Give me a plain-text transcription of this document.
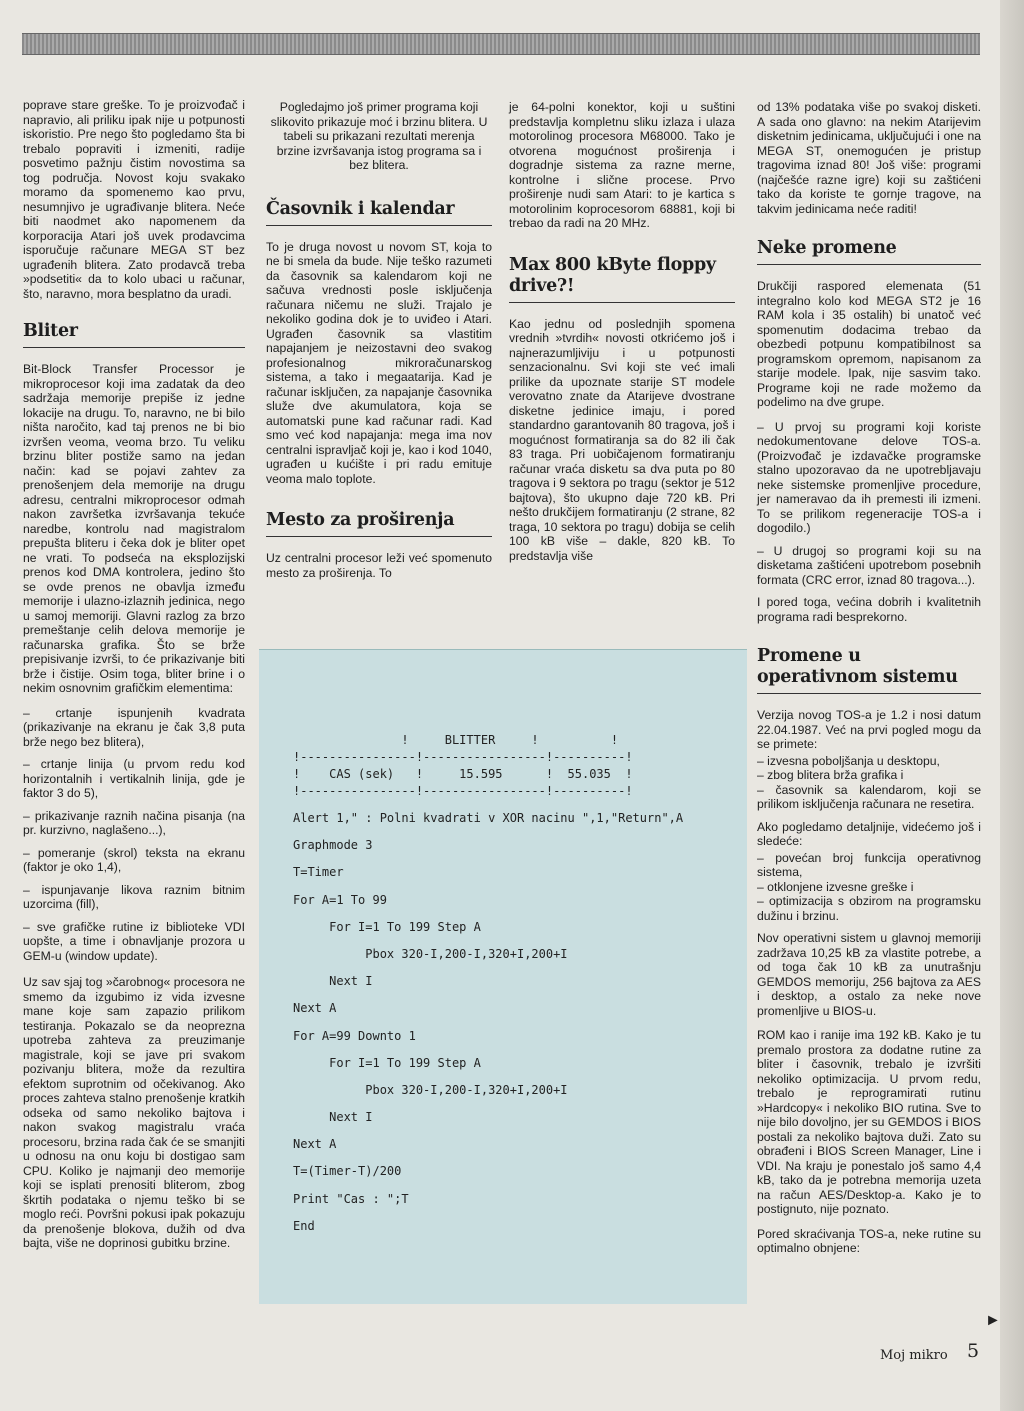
poprave stare greške. To je proizvođač i napravio, ali priliku ipak nije u potpunosti iskoristio. Pre nego što pogledamo šta bi trebalo popraviti i izmeniti, radije posvetimo pažnju čistim novostima sa tog područja. Novost koju svakako moramo da spomenemo kao prvu, nesumnjivo je ugrađivanje blitera. Neće biti naodmet ako napomenem da korporacija Atari još uvek prodavcima isporučuje računare MEGA ST bez ugrađenih blitera. Zato prodavcă treba »podsetiti« da to kolo ubaci u računar, što, naravno, mora besplatno da uradi.

Bliter

Bit-Block Transfer Processor je mikroprocesor koji ima zadatak da deo sadržaja memorije prepiše iz jedne lokacije na drugu. To, naravno, ne bi bilo ništa naročito, kad taj prenos ne bi bio izvršen veoma, veoma brzo. Tu veliku brzinu bliter postiže samo na jedan način: kad se pojavi zahtev za prenošenjem dela memorije na drugu adresu, centralni mikroprocesor odmah nakon završetka izvršavanja tekuće naredbe, kontrolu nad magistralom prepušta bliteru i čeka dok je bliter opet ne vrati. To podseća na eksplozijski prenos kod DMA kontrolera, jedino što se ovde prenos ne obavlja između memorije i ulazno-izlaznih jedinica, nego u samoj memoriji. Glavni razlog za brzo premeštanje celih delova memorije je računarska grafika. Što se brže prepisivanje izvrši, to će prikazivanje biti brže i čistije. Osim toga, bliter brine i o nekim osnovnim grafičkim elementima:

– crtanje ispunjenih kvadrata (prikazivanje na ekranu je čak 3,8 puta brže nego bez blitera),
– crtanje linija (u prvom redu kod horizontalnih i vertikalnih linija, gde je faktor 3 do 5),
– prikazivanje raznih načina pisanja (na pr. kurzivno, naglašeno...),
– pomeranje (skrol) teksta na ekranu (faktor je oko 1,4),
– ispunjavanje likova raznim bitnim uzorcima (fill),
– sve grafičke rutine iz biblioteke VDI uopšte, a time i obnavljanje prozora u GEM-u (window update).

Uz sav sjaj tog »čarobnog« procesora ne smemo da izgubimo iz vida izvesne mane koje sam zapazio prilikom testiranja. Pokazalo se da neoprezna upotreba zahteva za preuzimanje magistrale, koji se jave pri svakom pozivanju blitera, može da rezultira efektom suprotnim od očekivanog. Ako proces zahteva stalno prenošenje kratkih odseka od samo nekoliko bajtova i nakon svakog magistralu vraća procesoru, brzina rada čak će se smanjiti u odnosu na onu koju bi dostigao sam CPU. Koliko je najmanji deo memorije koji se isplati prenositi bliterom, zbog škrtih podataka o njemu teško bi se moglo reći. Površni pokusi ipak pokazuju da prenošenje blokova, dužih od dva bajta, više ne doprinosi gubitku brzine.

Pogledajmo još primer programa koji slikovito prikazuje moć i brzinu blitera. U tabeli su prikazani rezultati merenja brzine izvršavanja istog programa sa i bez blitera.

Časovnik i kalendar

To je druga novost u novom ST, koja to ne bi smela da bude. Nije teško razumeti da časovnik sa kalendarom koji ne sačuva vrednosti posle isključenja računara ničemu ne služi. Trajalo je nekoliko godina dok je to uviđeo i Atari. Ugrađen časovnik sa vlastitim napajanjem je neizostavni deo svakog profesionalnog mikroračunarskog sistema, a tako i megaatarija. Kad je računar isključen, za napajanje časovnika služe dve akumulatora, koja se automatski pune kad računar radi. Kad smo već kod napajanja: mega ima nov centralni ispravljač koji je, kao i kod 1040, ugrađen u kućište i pri radu emituje veoma malo toplote.

Mesto za proširenja

Uz centralni procesor leži već spomenuto mesto za proširenja. To

je 64-polni konektor, koji u suštini predstavlja kompletnu sliku izlaza i ulaza motorolinog procesora M68000. Tako je otvorena mogućnost proširenja i dogradnje sistema za razne merne, kontrolne i slične procese. Prvo proširenje nudi sam Atari: to je kartica s motorolinim koprocesorom 68881, koji bi trebao da radi na 20 MHz.

Max 800 kByte floppy drive?!

Kao jednu od poslednjih spomena vrednih »tvrdih« novosti otkrićemo još i najnerazumljiviju i u potpunosti senzacionalnu. Svi koji ste već imali prilike da upoznate starije ST modele verovatno znate da Atarijeve dvostrane disketne jedinice imaju, i pored standardno garantovanih 80 tragova, još i mogućnost formatiranja sa do 82 ili čak 83 traga. Pri uobičajenom formatiranju računar vraća disketu sa dva puta po 80 tragova i 9 sektora po tragu (sektor je 512 bajtova), što ukupno daje 720 kB. Pri nešto drukčijem formatiranju (2 strane, 82 traga, 10 sektora po tragu) dobija se celih 100 kB više – dakle, 820 kB. To predstavlja više

od 13% podataka više po svakoj disketi. A sada ono glavno: na nekim Atarijevim disketnim jedinicama, uključujući i one na MEGA ST, onemogućen je pristup tragovima iznad 80! Još više: programi (najčešće razne igre) koji su zaštićeni tako da koriste te gornje tragove, na takvim jedinicama neće raditi!

Neke promene

Drukčiji raspored elemenata (51 integralno kolo kod MEGA ST2 je 16 RAM kola i 35 ostalih) bi unatoč već spomenutim dodacima trebao da obezbedi potpunu kompatibilnost sa programskom opremom, napisanom za starije modele. Ipak, nije sasvim tako. Programe koji ne rade možemo da podelimo na dve grupe.

– U prvoj su programi koji koriste nedokumentovane delove TOS-a. (Proizvođač je izdavačke programske stalno upozoravao da ne upotrebljavaju neke sistemske promenljive procedure, jer nameravao da ih premesti ili izmeni. To se prilikom regeneracije TOS-a i dogodilo.)
– U drugoj so programi koji su na disketama zaštićeni upotrebom posebnih formata (CRC error, iznad 80 tragova...).

I pored toga, većina dobrih i kvalitetnih programa radi besprekorno.

Promene u operativnom sistemu

Verzija novog TOS-a je 1.2 i nosi datum 22.04.1987. Već na prvi pogled mogu da se primete:

– izvesna poboljšanja u desktopu,
– zbog blitera brža grafika i
– časovnik sa kalendarom, koji se prilikom isključenja računara ne resetira.

Ako pogledamo detaljnije, videćemo još i sledeće:

– povećan broj funkcija operativnog sistema,
– otklonjene izvesne greške i
– optimizacija s obzirom na programsku dužinu i brzinu.

Nov operativni sistem u glavnoj memoriji zadržava 10,25 kB za vlastite potrebe, a od toga čak 10 kB za unutrašnju GEMDOS memoriju, 256 bajtova za AES i desktop, a ostalo za neke nove promenljive u BIOS-u.

ROM kao i ranije ima 192 kB. Kako je tu premalo prostora za dodatne rutine za bliter i časovnik, trebalo je izvršiti nekoliko optimizacija. U prvom redu, trebalo je reprogramirati rutinu »Hardcopy« i nekoliko BIO rutina. Sve to nije bilo dovoljno, jer su GEMDOS i BIOS postali za nekoliko bajtova duži. Zato su obrađeni i BIOS Screen Manager, Line i VDI. Na kraju je ponestalo još samo 4,4 kB, tako da je potrebna memorija uzeta na račun AES/Desktop-a. Kako je to postignuto, nije poznato.

Pored skraćivanja TOS-a, neke rutine su optimalno obnjene:

!     BLITTER     !          !
!----------------!-----------------!----------!
!    CAS (sek)   !     15.595      !  55.035  !
!----------------!-----------------!----------!
Alert 1," : Polni kvadrati v XOR nacinu ",1,"Return",A

Graphmode 3

T=Timer

For A=1 To 99

For I=1 To 199 Step A

Pbox 320-I,200-I,320+I,200+I

Next I

Next A

For A=99 Downto 1

For I=1 To 199 Step A

Pbox 320-I,200-I,320+I,200+I

Next I

Next A

T=(Timer-T)/200

Print "Cas : ";T

End
►
Moj mikro 5
